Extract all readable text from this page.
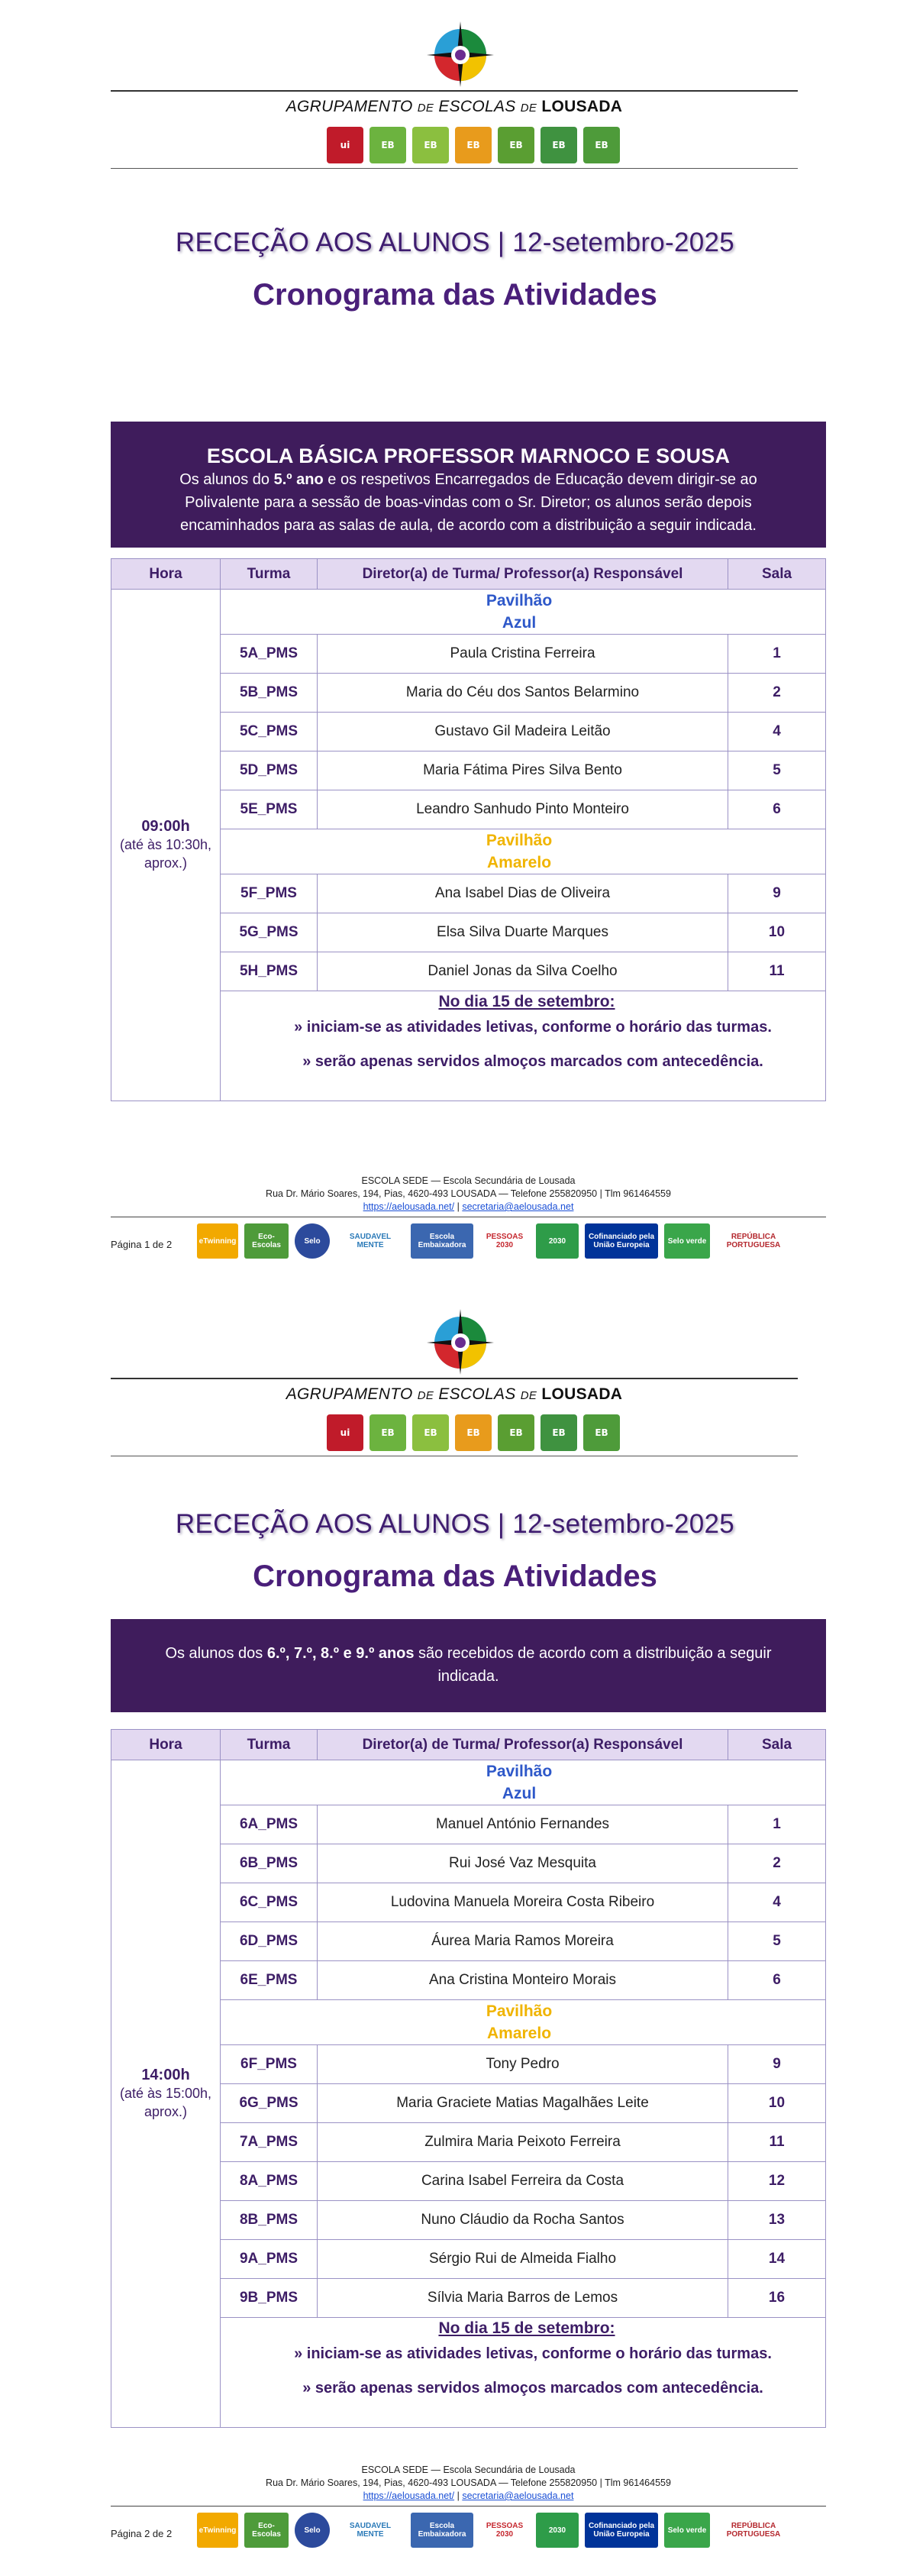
AGRUPAMENTO DE ESCOLAS DE LOUSADA
ui	EB	EB	EB	EB	EB	EB
RECEÇÃO AOS ALUNOS | 12-setembro-2025
Cronograma das Atividades
ESCOLA BÁSICA PROFESSOR MARNOCO E SOUSA
Os alunos do 5.º ano e os respetivos Encarregados de Educação devem dirigir-se ao Polivalente para a sessão de boas-vindas com o Sr. Diretor; os alunos serão depois encaminhados para as salas de aula, de acordo com a distribuição a seguir indicada.
Hora	Turma	Diretor(a) de Turma/ Professor(a) Responsável	Sala

09:00h
(até às 10:30h, aprox.)	Pavilhão Azul		
	5A_PMS	Paula Cristina Ferreira	1
	5B_PMS	Maria do Céu dos Santos Belarmino	2
	5C_PMS	Gustavo Gil Madeira Leitão	4
	5D_PMS	Maria Fátima Pires Silva Bento	5
	5E_PMS	Leandro Sanhudo Pinto Monteiro	6
	Pavilhão Amarelo		
	5F_PMS	Ana Isabel Dias de Oliveira	9
	5G_PMS	Elsa Silva Duarte Marques	10
	5H_PMS	Daniel Jonas da Silva Coelho	11

	No dia 15 de setembro:
» iniciam-se as atividades letivas, conforme o horário das turmas.
» serão apenas servidos almoços marcados com antecedência.		
ESCOLA SEDE — Escola Secundária de Lousada
Rua Dr. Mário Soares, 194, Pias, 4620-493 LOUSADA — Telefone 255820950 | Tlm 961464559
https://aelousada.net/ | secretaria@aelousada.net
Página 1 de 2	eTwinning	Eco-Escolas	Selo	SAUDAVEL MENTE
Escola Embaixadora
PESSOAS 2030	2030	Cofinanciado pela União Europeia	Selo verde	REPÚBLICA PORTUGUESA
AGRUPAMENTO DE ESCOLAS DE LOUSADA
ui	EB	EB	EB	EB	EB	EB
RECEÇÃO AOS ALUNOS | 12-setembro-2025
Cronograma das Atividades
Os alunos dos 6.º, 7.º, 8.º e 9.º anos são recebidos de acordo com a distribuição a seguir indicada.
Hora	Turma	Diretor(a) de Turma/ Professor(a) Responsável	Sala

14:00h
(até às 15:00h, aprox.)	Pavilhão Azul		
	6A_PMS	Manuel António Fernandes	1
	6B_PMS	Rui José Vaz Mesquita	2
	6C_PMS	Ludovina Manuela Moreira Costa Ribeiro	4
	6D_PMS	Áurea Maria Ramos Moreira	5
	6E_PMS	Ana Cristina Monteiro Morais	6
	Pavilhão Amarelo		
	6F_PMS	Tony Pedro	9
	6G_PMS	Maria Graciete Matias Magalhães Leite	10
	7A_PMS	Zulmira Maria Peixoto Ferreira	11
	8A_PMS	Carina Isabel Ferreira da Costa	12
	8B_PMS	Nuno Cláudio da Rocha Santos	13
	9A_PMS	Sérgio Rui de Almeida Fialho	14
	9B_PMS	Sílvia Maria Barros de Lemos	16

	No dia 15 de setembro:
» iniciam-se as atividades letivas, conforme o horário das turmas.
» serão apenas servidos almoços marcados com antecedência.		
ESCOLA SEDE — Escola Secundária de Lousada
Rua Dr. Mário Soares, 194, Pias, 4620-493 LOUSADA — Telefone 255820950 | Tlm 961464559
https://aelousada.net/ | secretaria@aelousada.net
Página 2 de 2	eTwinning	Eco-Escolas	Selo	SAUDAVEL MENTE
Escola Embaixadora
PESSOAS 2030	2030	Cofinanciado pela União Europeia	Selo verde	REPÚBLICA PORTUGUESA
